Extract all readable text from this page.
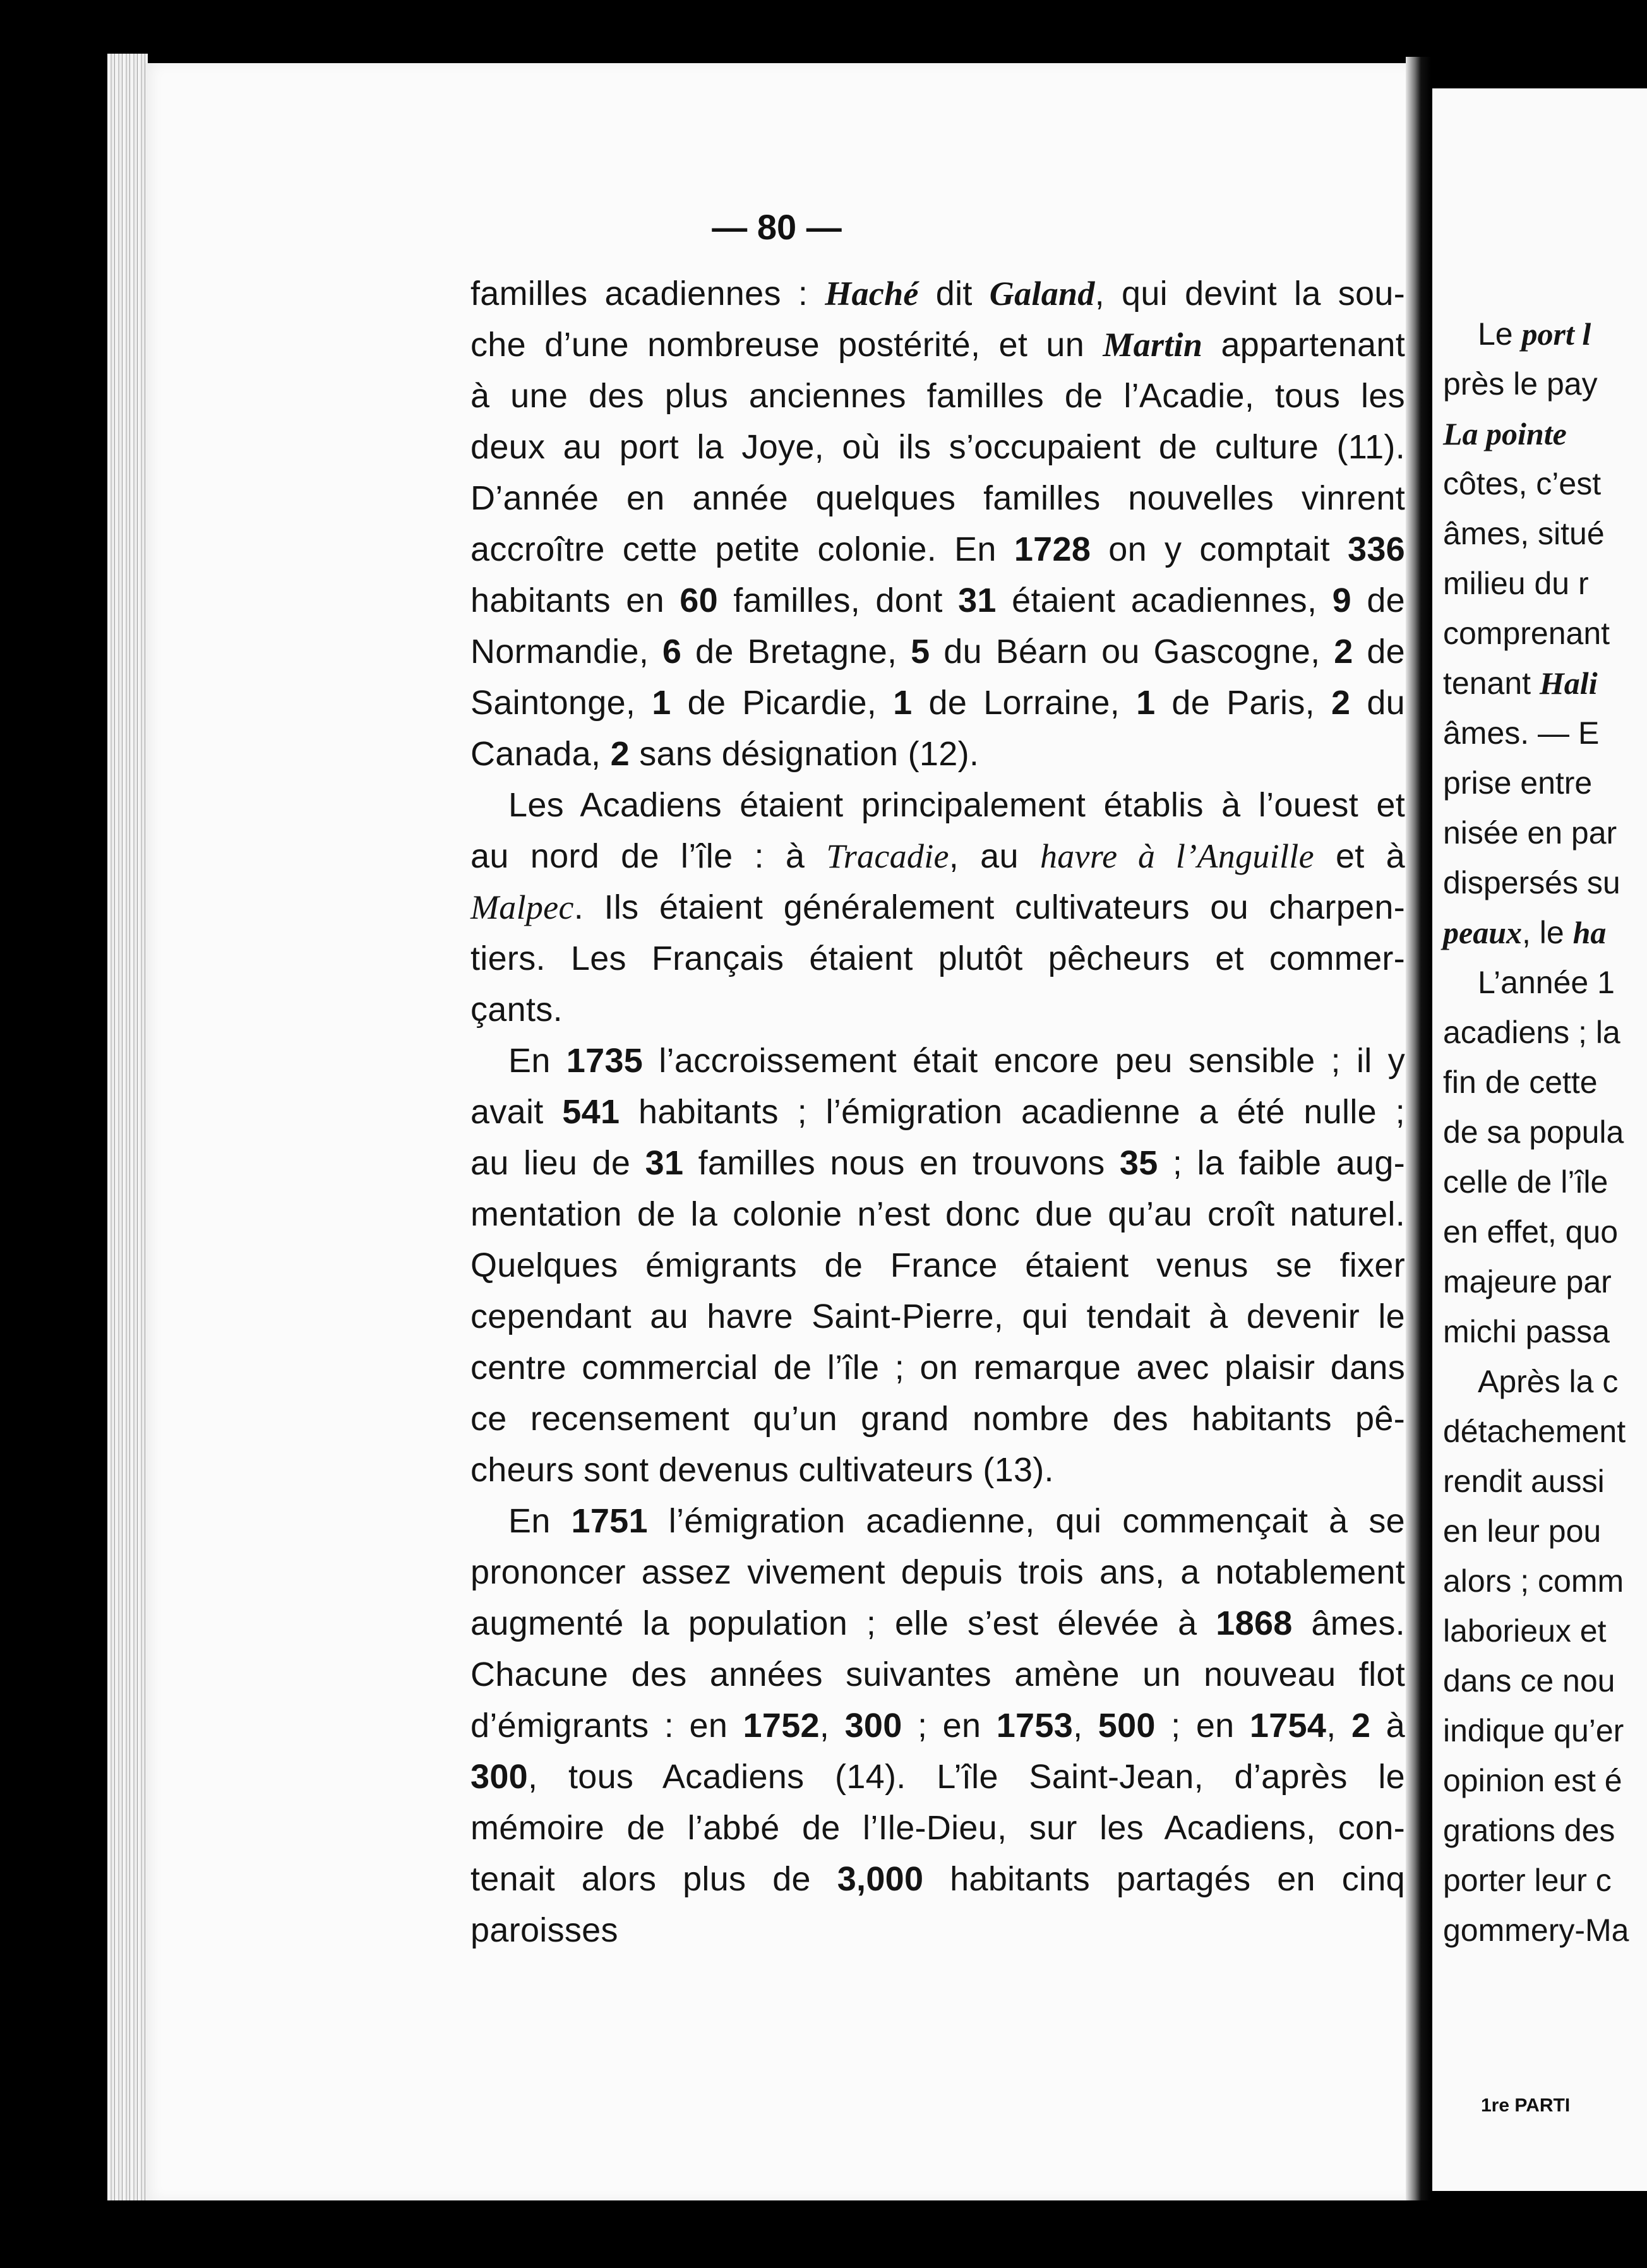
— 80 —
familles acadiennes : Haché dit Galand, qui devint la sou-
che d’une nombreuse postérité, et un Martin appartenant
à une des plus anciennes familles de l’Acadie, tous les
deux au port la Joye, où ils s’occupaient de culture (11).
D’année en année quelques familles nouvelles vinrent
accroître cette petite colonie. En 1728 on y comptait 336
habitants en 60 familles, dont 31 étaient acadiennes, 9 de
Normandie, 6 de Bretagne, 5 du Béarn ou Gascogne, 2 de
Saintonge, 1 de Picardie, 1 de Lorraine, 1 de Paris, 2 du
Canada, 2 sans désignation (12).
Les Acadiens étaient principalement établis à l’ouest et
au nord de l’île : à Tracadie, au havre à l’Anguille et à
Malpec. Ils étaient généralement cultivateurs ou charpen-
tiers. Les Français étaient plutôt pêcheurs et commer-
çants.
En 1735 l’accroissement était encore peu sensible ; il y
avait 541 habitants ; l’émigration acadienne a été nulle ;
au lieu de 31 familles nous en trouvons 35 ; la faible aug-
mentation de la colonie n’est donc due qu’au croît naturel.
Quelques émigrants de France étaient venus se fixer
cependant au havre Saint-Pierre, qui tendait à devenir le
centre commercial de l’île ; on remarque avec plaisir dans
ce recensement qu’un grand nombre des habitants pê-
cheurs sont devenus cultivateurs (13).
En 1751 l’émigration acadienne, qui commençait à se
prononcer assez vivement depuis trois ans, a notablement
augmenté la population ; elle s’est élevée à 1868 âmes.
Chacune des années suivantes amène un nouveau flot
d’émigrants : en 1752, 300 ; en 1753, 500 ; en 1754, 2 à
300, tous Acadiens (14). L’île Saint-Jean, d’après le
mémoire de l’abbé de l’Ile-Dieu, sur les Acadiens, con-
tenait alors plus de 3,000 habitants partagés en cinq
paroisses
Le port l
près le pay
La pointe
côtes, c’est
âmes, situé
milieu du r
comprenant
tenant Hali
âmes. — E
prise entre
nisée en par
dispersés su
peaux, le ha
L’année 1
acadiens ; la
fin de cette
de sa popula
celle de l’île
en effet, quo
majeure par
michi passa
Après la c
détachement
rendit aussi
en leur pou
alors ; comm
laborieux et
dans ce nou
indique qu’er
opinion est é
grations des
porter leur c
gommery-Ma
1re PARTI
